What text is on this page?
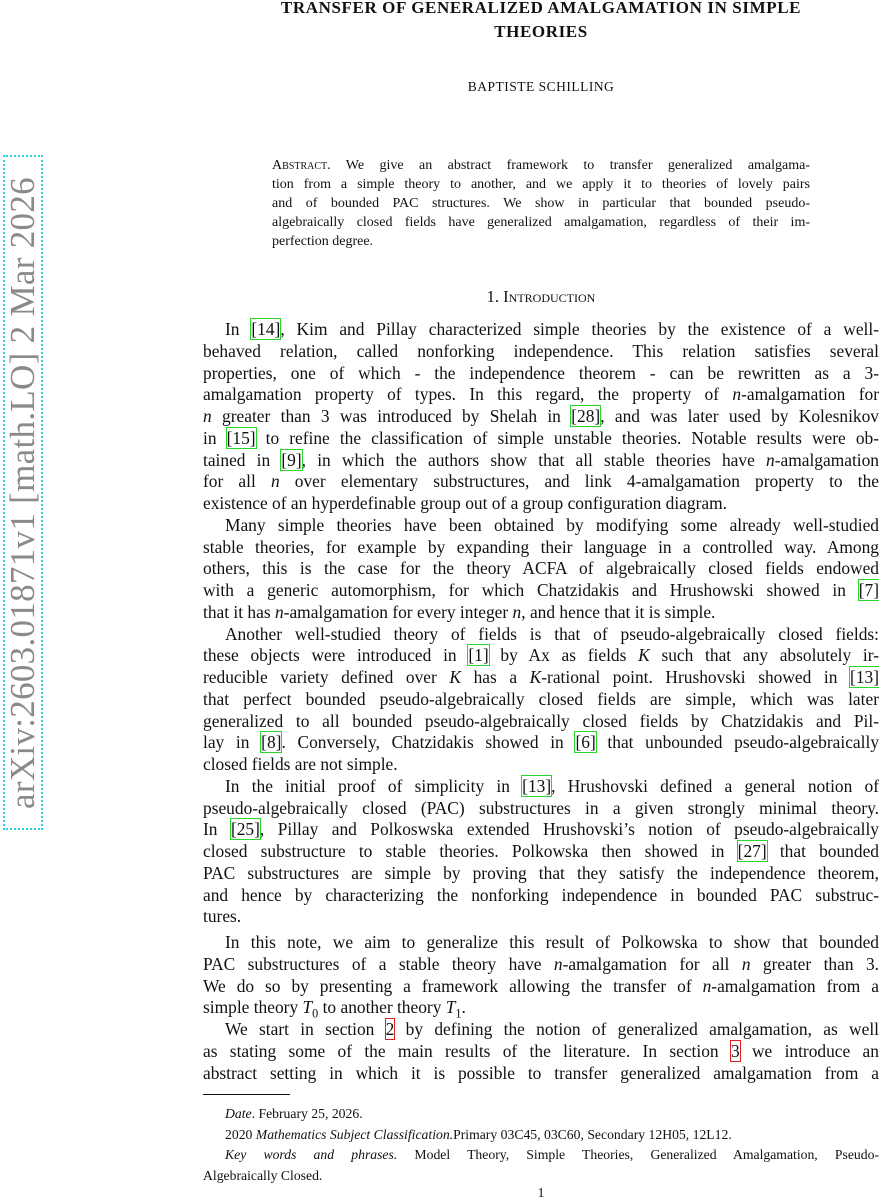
arXiv:2603.01871v1 [math.LO] 2 Mar 2026
TRANSFER OF GENERALIZED AMALGAMATION IN SIMPLE
THEORIES
BAPTISTE SCHILLING
Abstract. We give an abstract framework to transfer generalized amalgama-
tion from a simple theory to another, and we apply it to theories of lovely pairs
and of bounded PAC structures. We show in particular that bounded pseudo-
algebraically closed fields have generalized amalgamation, regardless of their im-
perfection degree.
1. Introduction
In [14], Kim and Pillay characterized simple theories by the existence of a well-
behaved relation, called nonforking independence. This relation satisfies several
properties, one of which - the independence theorem - can be rewritten as a 3-
amalgamation property of types. In this regard, the property of n-amalgamation for
n greater than 3 was introduced by Shelah in [28], and was later used by Kolesnikov
in [15] to refine the classification of simple unstable theories. Notable results were ob-
tained in [9], in which the authors show that all stable theories have n-amalgamation
for all n over elementary substructures, and link 4-amalgamation property to the
existence of an hyperdefinable group out of a group configuration diagram.
Many simple theories have been obtained by modifying some already well-studied
stable theories, for example by expanding their language in a controlled way. Among
others, this is the case for the theory ACFA of algebraically closed fields endowed
with a generic automorphism, for which Chatzidakis and Hrushowski showed in [7]
that it has n-amalgamation for every integer n, and hence that it is simple.
Another well-studied theory of fields is that of pseudo-algebraically closed fields:
these objects were introduced in [1] by Ax as fields K such that any absolutely ir-
reducible variety defined over K has a K-rational point. Hrushovski showed in [13]
that perfect bounded pseudo-algebraically closed fields are simple, which was later
generalized to all bounded pseudo-algebraically closed fields by Chatzidakis and Pil-
lay in [8]. Conversely, Chatzidakis showed in [6] that unbounded pseudo-algebraically
closed fields are not simple.
In the initial proof of simplicity in [13], Hrushovski defined a general notion of
pseudo-algebraically closed (PAC) substructures in a given strongly minimal theory.
In [25], Pillay and Polkoswska extended Hrushovski’s notion of pseudo-algebraically
closed substructure to stable theories. Polkowska then showed in [27] that bounded
PAC substructures are simple by proving that they satisfy the independence theorem,
and hence by characterizing the nonforking independence in bounded PAC substruc-
tures.
In this note, we aim to generalize this result of Polkowska to show that bounded
PAC substructures of a stable theory have n-amalgamation for all n greater than 3.
We do so by presenting a framework allowing the transfer of n-amalgamation from a
simple theory $T_0$ to another theory $T_1$.
We start in section 2 by defining the notion of generalized amalgamation, as well
as stating some of the main results of the literature. In section 3 we introduce an
abstract setting in which it is possible to transfer generalized amalgamation from a
Date. February 25, 2026.
2020 Mathematics Subject Classification.Primary 03C45, 03C60, Secondary 12H05, 12L12.
Key words and phrases. Model Theory, Simple Theories, Generalized Amalgamation, Pseudo-
Algebraically Closed.
1
